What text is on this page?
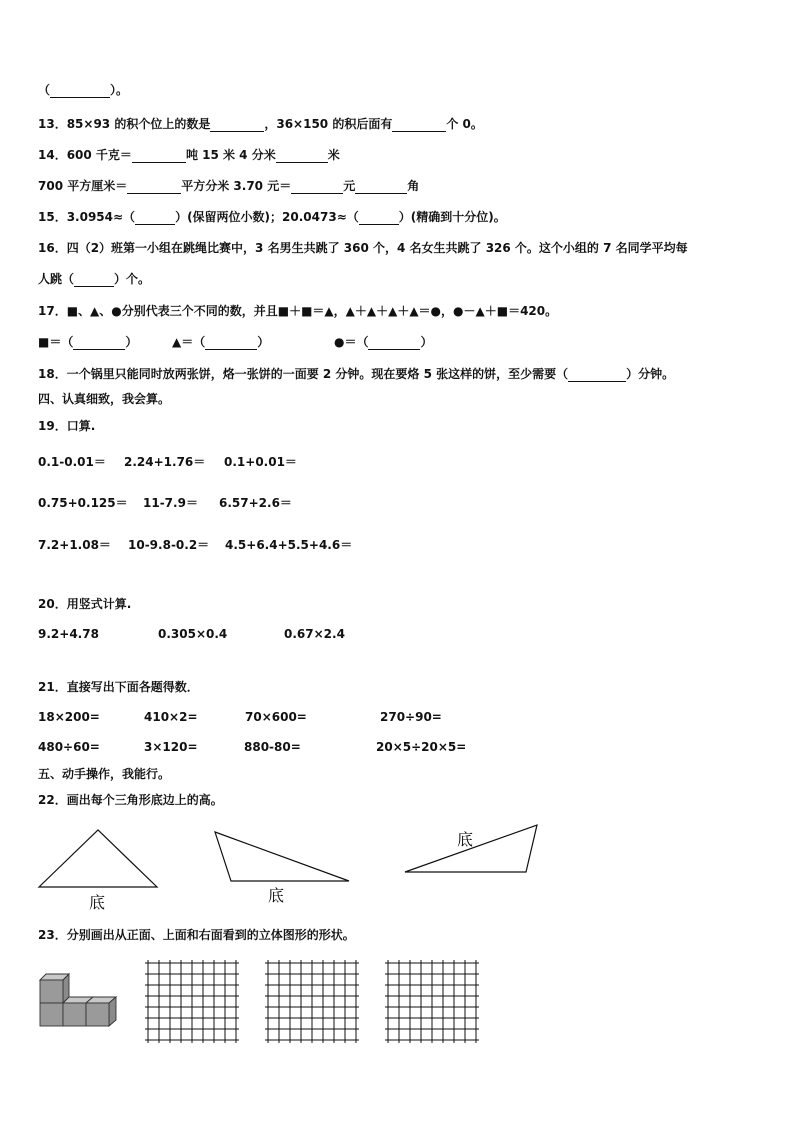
（	）。
13．85×93 的积个位上的数是	，36×150 的积后面有	个 0。
14．600 千克＝	吨 15 米 4 分米	米
700 平方厘米＝	平方分米 3.70 元＝	元	角
15．3.0954≈（	）(保留两位小数)；20.0473≈（	）(精确到十分位)。
16．四（2）班第一小组在跳绳比赛中，3 名男生共跳了 360 个，4 名女生共跳了 326 个。这个小组的 7 名同学平均每
人跳（	）个。
17．■、▲、●分别代表三个不同的数，并且■＋■＝▲，▲＋▲＋▲＋▲＝●，●－▲＋■＝420。
■＝（	）	▲＝（	）	●＝（	）
18．一个锅里只能同时放两张饼，烙一张饼的一面要 2 分钟。现在要烙 5 张这样的饼，至少需要（	）分钟。
四、认真细致，我会算。
19．口算.
0.1-0.01＝ 2.24+1.76＝ 0.1+0.01＝
0.75+0.125＝ 11-7.9＝ 6.57+2.6＝
7.2+1.08＝ 10-9.8-0.2＝ 4.5+6.4+5.5+4.6＝
20．用竖式计算.
9.2+4.78	0.305×0.4	0.67×2.4
21．直接写出下面各题得数．
18×200=	410×2=	70×600=	270÷90=
480÷60=	3×120=	880-80=	20×5÷20×5=
五、动手操作，我能行。
22．画出每个三角形底边上的高。
底	底
底
23．分别画出从正面、上面和右面看到的立体图形的形状。
